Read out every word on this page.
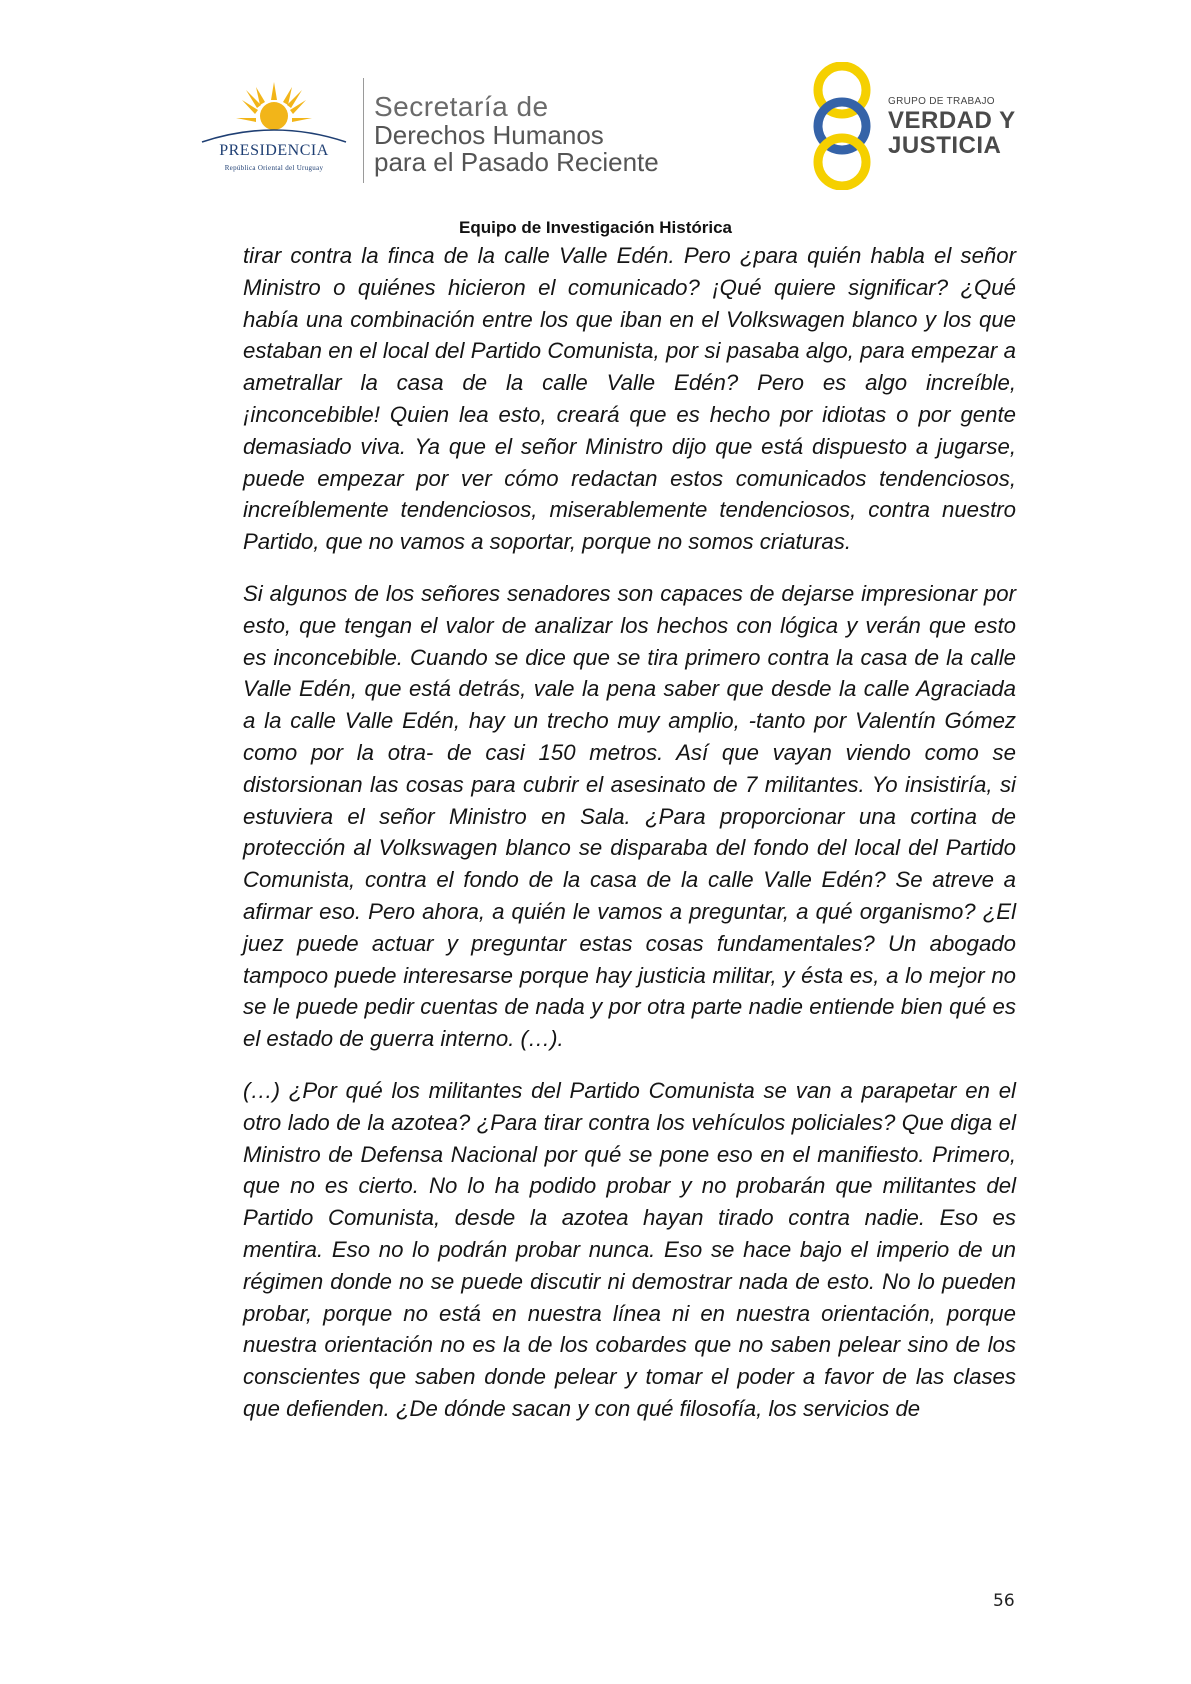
PRESIDENCIA
República Oriental del Uruguay
Secretaría de
Derechos Humanos
para el Pasado Reciente
GRUPO DE TRABAJO
VERDAD Y
JUSTICIA
Equipo de Investigación Histórica

tirar contra la finca de la calle Valle Edén. Pero ¿para quién habla el señor Ministro o quiénes hicieron el comunicado? ¡Qué quiere significar? ¿Qué había una combinación entre los que iban en el Volkswagen blanco y los que estaban en el local del Partido Comunista, por si pasaba algo, para empezar a ametrallar la casa de la calle Valle Edén? Pero es algo increíble, ¡inconcebible! Quien lea esto, creará que es hecho por idiotas o por gente demasiado viva. Ya que el señor Ministro dijo que está dispuesto a jugarse, puede empezar por ver cómo redactan estos comunicados tendenciosos, increíblemente tendenciosos, miserablemente tendenciosos, contra nuestro Partido, que no vamos a soportar, porque no somos criaturas.

Si algunos de los señores senadores son capaces de dejarse impresionar por esto, que tengan el valor de analizar los hechos con lógica y verán que esto es inconcebible. Cuando se dice que se tira primero contra la casa de la calle Valle Edén, que está detrás, vale la pena saber que desde la calle Agraciada a la calle Valle Edén, hay un trecho muy amplio, -tanto por Valentín Gómez como por la otra- de casi 150 metros. Así que vayan viendo como se distorsionan las cosas para cubrir el asesinato de 7 militantes. Yo insistiría, si estuviera el señor Ministro en Sala. ¿Para proporcionar una cortina de protección al Volkswagen blanco se disparaba del fondo del local del Partido Comunista, contra el fondo de la casa de la calle Valle Edén? Se atreve a afirmar eso. Pero ahora, a quién le vamos a preguntar, a qué organismo? ¿El juez puede actuar y preguntar estas cosas fundamentales? Un abogado tampoco puede interesarse porque hay justicia militar, y ésta es, a lo mejor no se le puede pedir cuentas de nada y por otra parte nadie entiende bien qué es el estado de guerra interno. (…).

(…) ¿Por qué los militantes del Partido Comunista se van a parapetar en el otro lado de la azotea? ¿Para tirar contra los vehículos policiales? Que diga el Ministro de Defensa Nacional por qué se pone eso en el manifiesto. Primero, que no es cierto. No lo ha podido probar y no probarán que militantes del Partido Comunista, desde la azotea hayan tirado contra nadie. Eso es mentira. Eso no lo podrán probar nunca. Eso se hace bajo el imperio de un régimen donde no se puede discutir ni demostrar nada de esto. No lo pueden probar, porque no está en nuestra línea ni en nuestra orientación, porque nuestra orientación no es la de los cobardes que no saben pelear sino de los conscientes que saben donde pelear y tomar el poder a favor de las clases que defienden. ¿De dónde sacan y con qué filosofía, los servicios de

56
